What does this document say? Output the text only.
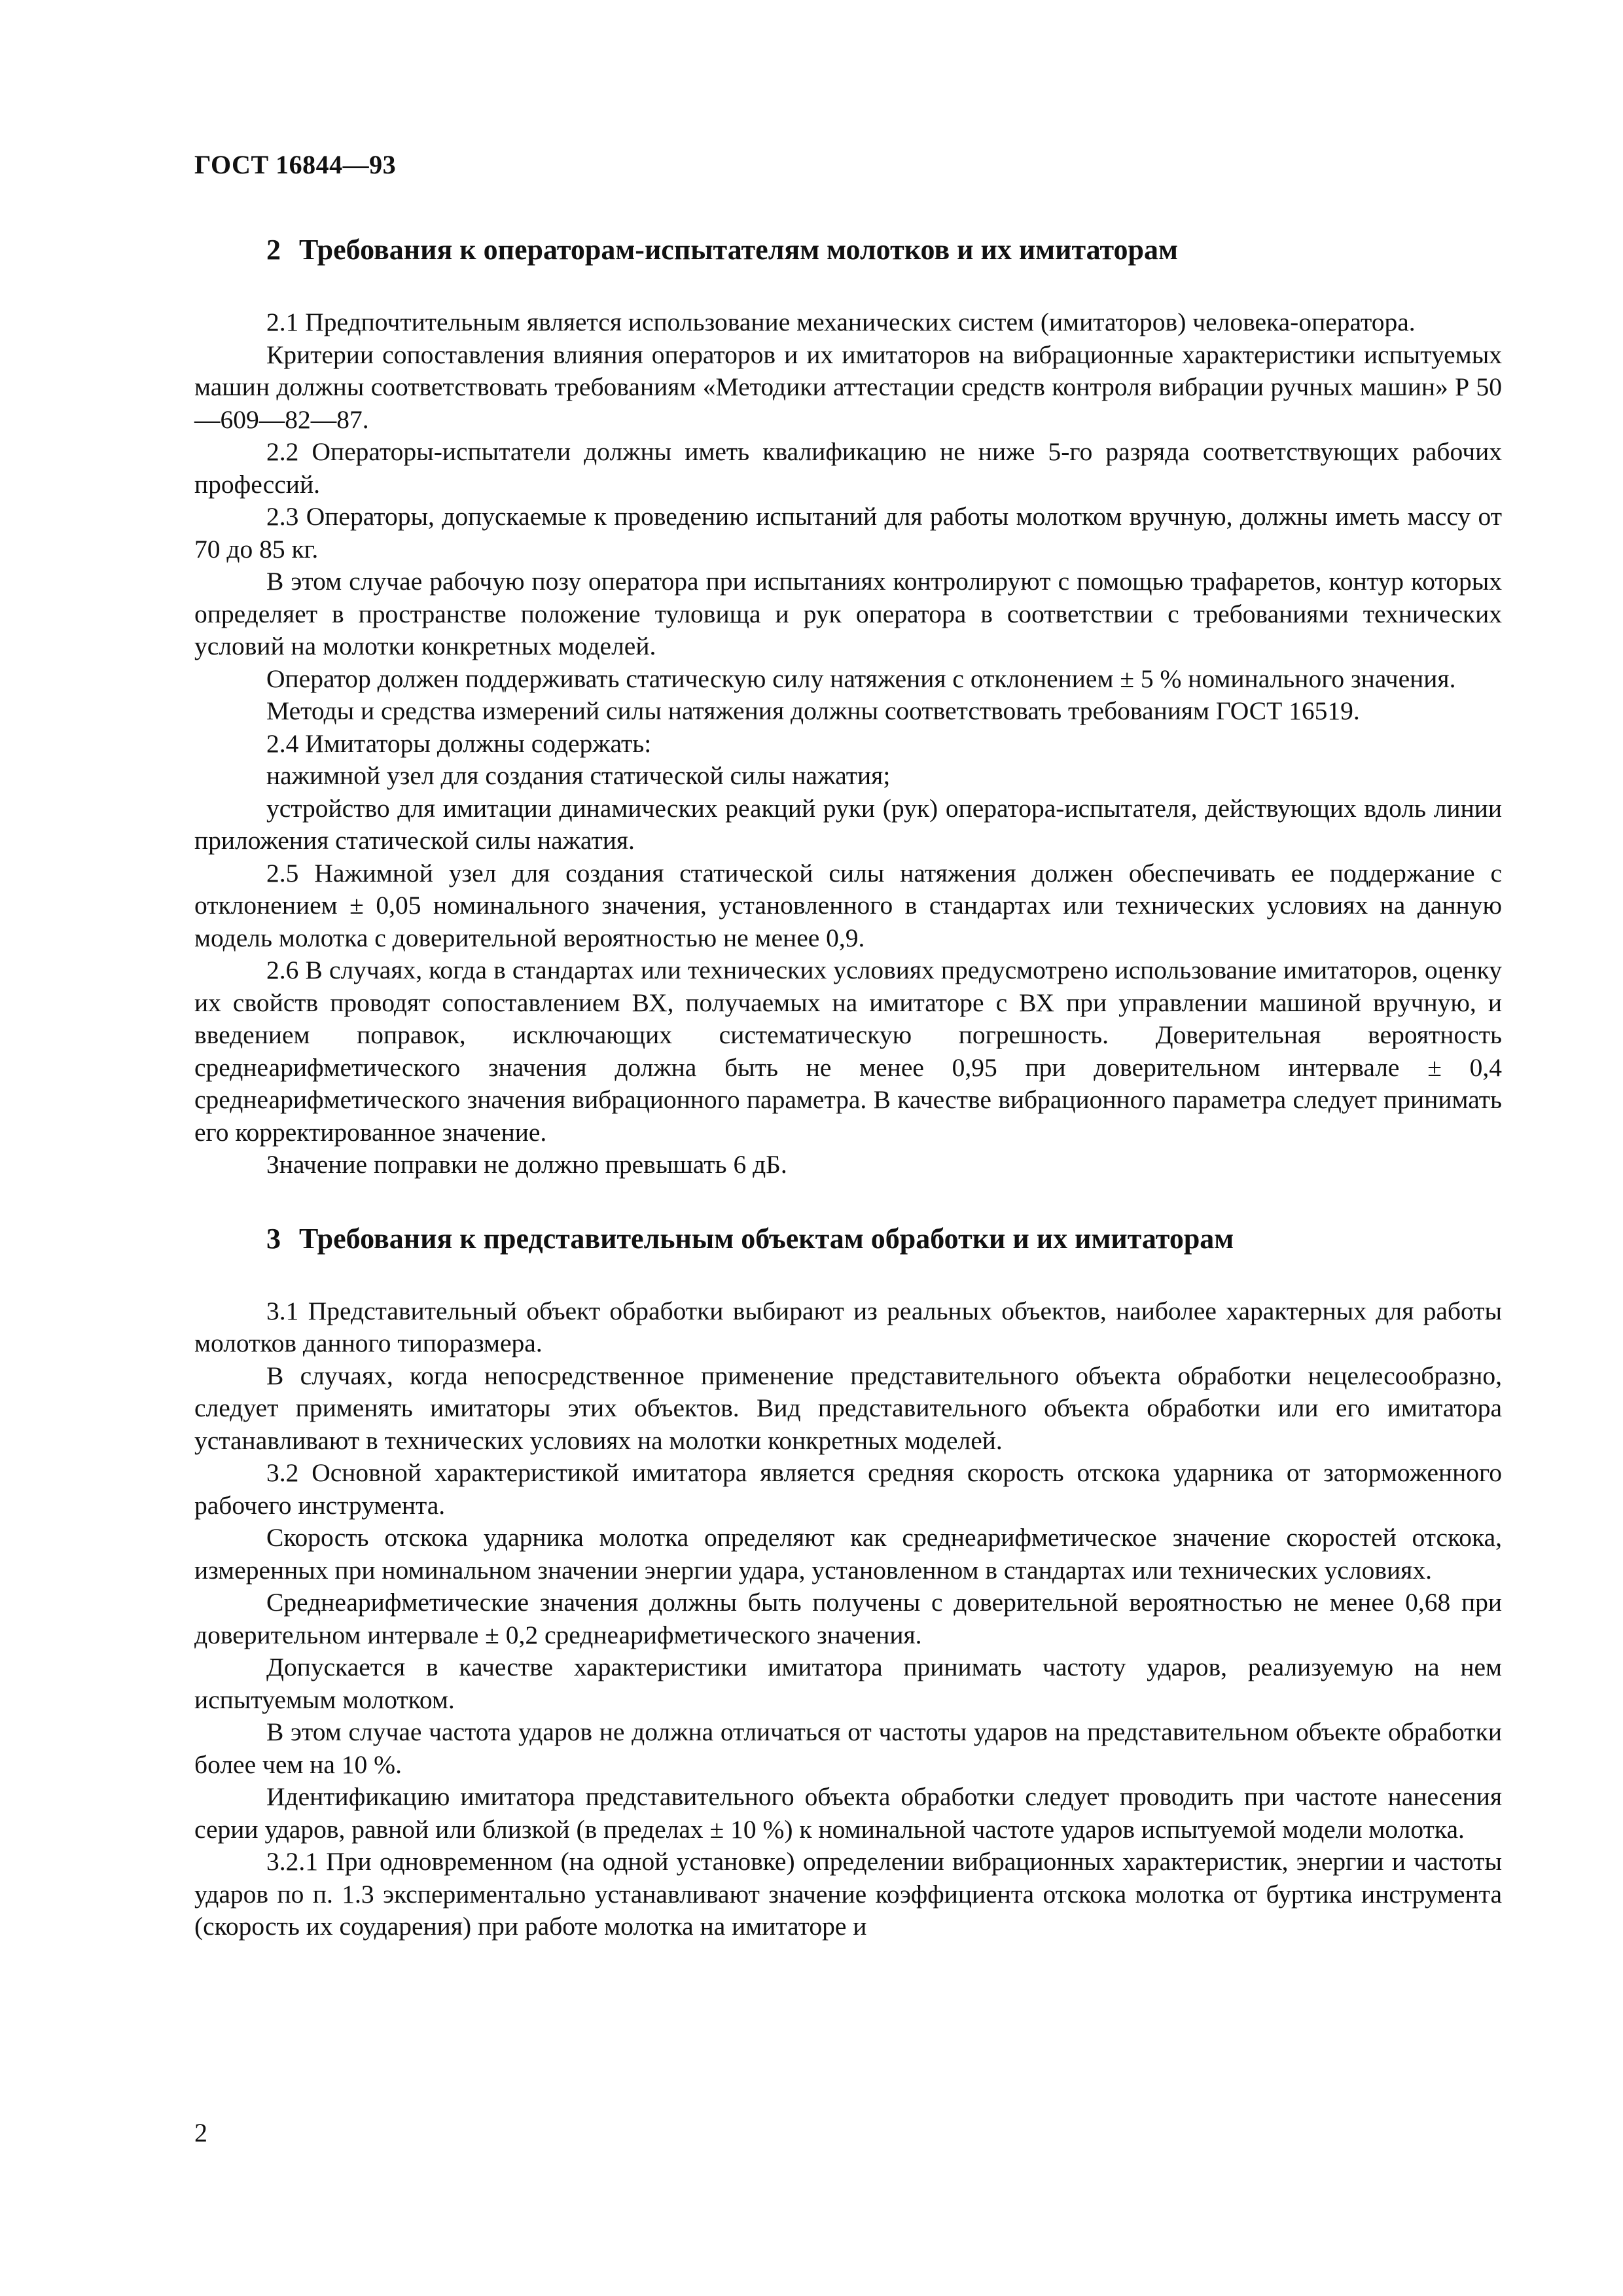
ГОСТ 16844—93
2 Требования к операторам-испытателям молотков и их имитаторам

2.1 Предпочтительным является использование механических систем (имитаторов) человека-оператора.

Критерии сопоставления влияния операторов и их имитаторов на вибрационные характеристики испытуемых машин должны соответствовать требованиям «Методики аттестации средств контроля вибрации ручных машин» Р 50—609—82—87.

2.2 Операторы-испытатели должны иметь квалификацию не ниже 5-го разряда соответствующих рабочих профессий.

2.3 Операторы, допускаемые к проведению испытаний для работы молотком вручную, должны иметь массу от 70 до 85 кг.

В этом случае рабочую позу оператора при испытаниях контролируют с помощью трафаретов, контур которых определяет в пространстве положение туловища и рук оператора в соответствии с требованиями технических условий на молотки конкретных моделей.

Оператор должен поддерживать статическую силу натяжения с отклонением ± 5 % номинального значения.

Методы и средства измерений силы натяжения должны соответствовать требованиям ГОСТ 16519.

2.4 Имитаторы должны содержать:

нажимной узел для создания статической силы нажатия;

устройство для имитации динамических реакций руки (рук) оператора-испытателя, действующих вдоль линии приложения статической силы нажатия.

2.5 Нажимной узел для создания статической силы натяжения должен обеспечивать ее поддержание с отклонением ± 0,05 номинального значения, установленного в стандартах или технических условиях на данную модель молотка с доверительной вероятностью не менее 0,9.

2.6 В случаях, когда в стандартах или технических условиях предусмотрено использование имитаторов, оценку их свойств проводят сопоставлением ВХ, получаемых на имитаторе с ВХ при управлении машиной вручную, и введением поправок, исключающих систематическую погрешность. Доверительная вероятность среднеарифметического значения должна быть не менее 0,95 при доверительном интервале ± 0,4 среднеарифметического значения вибрационного параметра. В качестве вибрационного параметра следует принимать его корректированное значение.

Значение поправки не должно превышать 6 дБ.

3 Требования к представительным объектам обработки и их имитаторам

3.1 Представительный объект обработки выбирают из реальных объектов, наиболее характерных для работы молотков данного типоразмера.

В случаях, когда непосредственное применение представительного объекта обработки нецелесообразно, следует применять имитаторы этих объектов. Вид представительного объекта обработки или его имитатора устанавливают в технических условиях на молотки конкретных моделей.

3.2 Основной характеристикой имитатора является средняя скорость отскока ударника от заторможенного рабочего инструмента.

Скорость отскока ударника молотка определяют как среднеарифметическое значение скоростей отскока, измеренных при номинальном значении энергии удара, установленном в стандартах или технических условиях.

Среднеарифметические значения должны быть получены с доверительной вероятностью не менее 0,68 при доверительном интервале ± 0,2 среднеарифметического значения.

Допускается в качестве характеристики имитатора принимать частоту ударов, реализуемую на нем испытуемым молотком.

В этом случае частота ударов не должна отличаться от частоты ударов на представительном объекте обработки более чем на 10 %.

Идентификацию имитатора представительного объекта обработки следует проводить при частоте нанесения серии ударов, равной или близкой (в пределах ± 10 %) к номинальной частоте ударов испытуемой модели молотка.

3.2.1 При одновременном (на одной установке) определении вибрационных характеристик, энергии и частоты ударов по п. 1.3 экспериментально устанавливают значение коэффициента отскока молотка от буртика инструмента (скорость их соударения) при работе молотка на имитаторе и

2
